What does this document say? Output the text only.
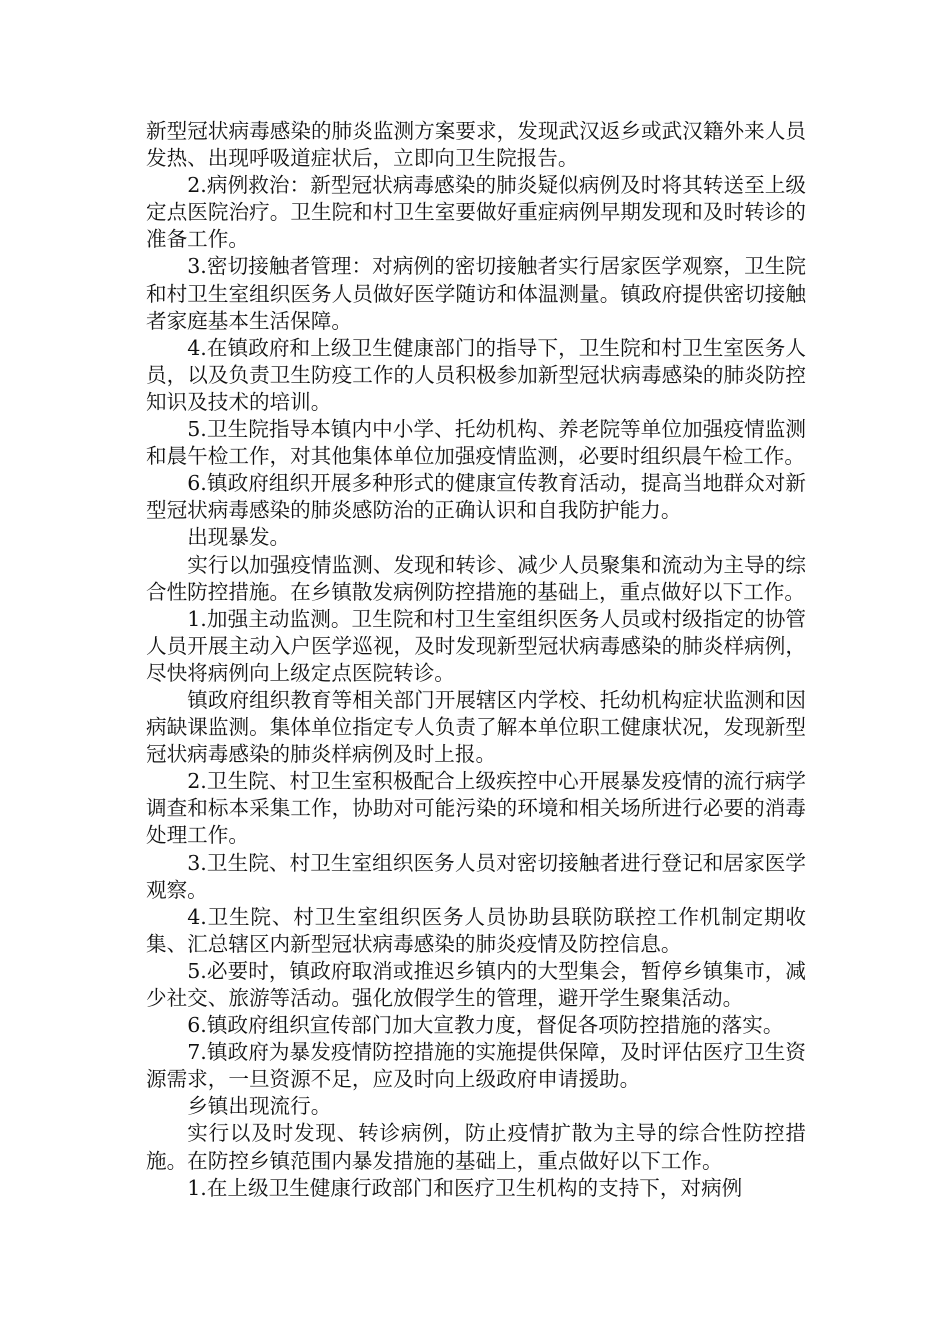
新型冠状病毒感染的肺炎监测方案要求，发现武汉返乡或武汉籍外来人员发热、出现呼吸道症状后，立即向卫生院报告。

2.病例救治：新型冠状病毒感染的肺炎疑似病例及时将其转送至上级定点医院治疗。卫生院和村卫生室要做好重症病例早期发现和及时转诊的准备工作。

3.密切接触者管理：对病例的密切接触者实行居家医学观察，卫生院和村卫生室组织医务人员做好医学随访和体温测量。镇政府提供密切接触者家庭基本生活保障。

4.在镇政府和上级卫生健康部门的指导下，卫生院和村卫生室医务人员，以及负责卫生防疫工作的人员积极参加新型冠状病毒感染的肺炎防控知识及技术的培训。

5.卫生院指导本镇内中小学、托幼机构、养老院等单位加强疫情监测和晨午检工作，对其他集体单位加强疫情监测，必要时组织晨午检工作。

6.镇政府组织开展多种形式的健康宣传教育活动，提高当地群众对新型冠状病毒感染的肺炎感防治的正确认识和自我防护能力。

出现暴发。

实行以加强疫情监测、发现和转诊、减少人员聚集和流动为主导的综合性防控措施。在乡镇散发病例防控措施的基础上，重点做好以下工作。

1.加强主动监测。卫生院和村卫生室组织医务人员或村级指定的协管人员开展主动入户医学巡视，及时发现新型冠状病毒感染的肺炎样病例，尽快将病例向上级定点医院转诊。

镇政府组织教育等相关部门开展辖区内学校、托幼机构症状监测和因病缺课监测。集体单位指定专人负责了解本单位职工健康状况，发现新型冠状病毒感染的肺炎样病例及时上报。

2.卫生院、村卫生室积极配合上级疾控中心开展暴发疫情的流行病学调查和标本采集工作，协助对可能污染的环境和相关场所进行必要的消毒处理工作。

3.卫生院、村卫生室组织医务人员对密切接触者进行登记和居家医学观察。

4.卫生院、村卫生室组织医务人员协助县联防联控工作机制定期收集、汇总辖区内新型冠状病毒感染的肺炎疫情及防控信息。

5.必要时，镇政府取消或推迟乡镇内的大型集会，暂停乡镇集市，减少社交、旅游等活动。强化放假学生的管理，避开学生聚集活动。

6.镇政府组织宣传部门加大宣教力度，督促各项防控措施的落实。

7.镇政府为暴发疫情防控措施的实施提供保障，及时评估医疗卫生资源需求，一旦资源不足，应及时向上级政府申请援助。

乡镇出现流行。

实行以及时发现、转诊病例，防止疫情扩散为主导的综合性防控措施。在防控乡镇范围内暴发措施的基础上，重点做好以下工作。

1.在上级卫生健康行政部门和医疗卫生机构的支持下，对病例
